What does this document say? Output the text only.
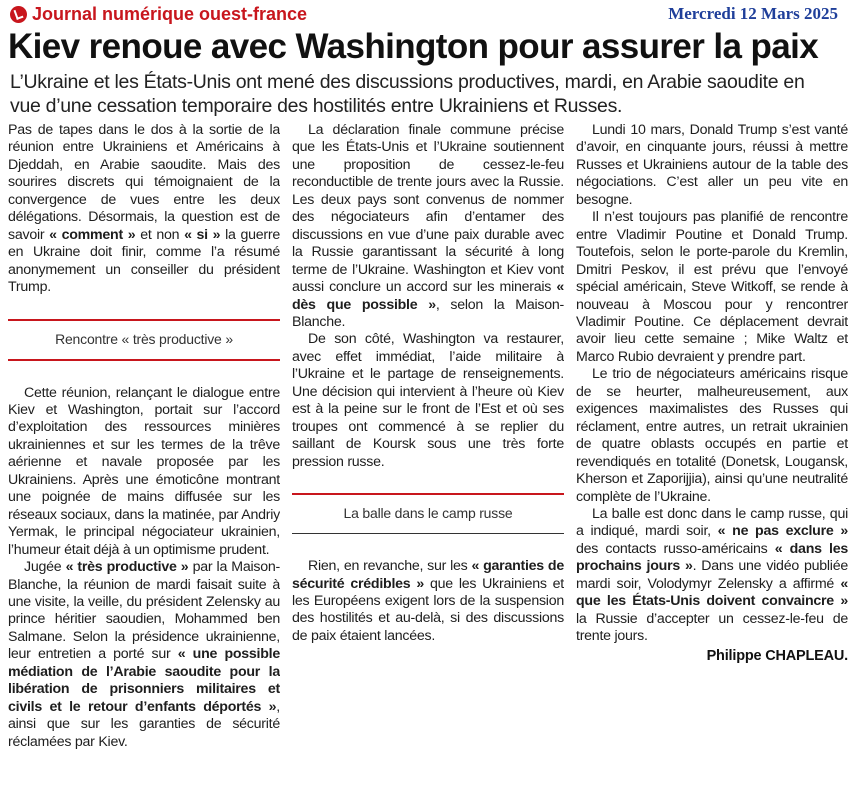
Journal numérique ouest-france	Mercredi 12 Mars 2025
Kiev renoue avec Washington pour assurer la paix
L’Ukraine et les États-Unis ont mené des discussions productives, mardi, en Arabie saoudite en vue d’une cessation temporaire des hostilités entre Ukrainiens et Russes.

Pas de tapes dans le dos à la sortie de la réunion entre Ukrainiens et Américains à Djeddah, en Arabie saoudite. Mais des sourires discrets qui témoignaient de la convergence de vues entre les deux délégations. Désormais, la question est de savoir « comment » et non « si » la guerre en Ukraine doit finir, comme l’a résumé anonymement un conseiller du président Trump.

Rencontre « très productive »

Cette réunion, relançant le dialogue entre Kiev et Washington, portait sur l’accord d’exploitation des ressources minières ukrainiennes et sur les termes de la trêve aérienne et navale proposée par les Ukrainiens. Après une émoticône montrant une poignée de mains diffusée sur les réseaux sociaux, dans la matinée, par Andriy Yermak, le principal négociateur ukrainien, l’humeur était déjà à un optimisme prudent.

Jugée « très productive » par la Maison-Blanche, la réunion de mardi faisait suite à une visite, la veille, du président Zelensky au prince héritier saoudien, Mohammed ben Salmane. Selon la présidence ukrainienne, leur entretien a porté sur « une possible médiation de l’Arabie saoudite pour la libération de prisonniers militaires et civils et le retour d’enfants déportés », ainsi que sur les garanties de sécurité réclamées par Kiev.

La déclaration finale commune précise que les États-Unis et l’Ukraine soutiennent une proposition de cessez-le-feu reconductible de trente jours avec la Russie. Les deux pays sont convenus de nommer des négociateurs afin d’entamer des discussions en vue d’une paix durable avec la Russie garantissant la sécurité à long terme de l’Ukraine. Washington et Kiev vont aussi conclure un accord sur les minerais « dès que possible », selon la Maison-Blanche.

De son côté, Washington va restaurer, avec effet immédiat, l’aide militaire à l’Ukraine et le partage de renseignements. Une décision qui intervient à l’heure où Kiev est à la peine sur le front de l’Est et où ses troupes ont commencé à se replier du saillant de Koursk sous une très forte pression russe.

La balle dans le camp russe

Rien, en revanche, sur les « garanties de sécurité crédibles » que les Ukrainiens et les Européens exigent lors de la suspension des hostilités et au-delà, si des discussions de paix étaient lancées.

Lundi 10 mars, Donald Trump s’est vanté d’avoir, en cinquante jours, réussi à mettre Russes et Ukrainiens autour de la table des négociations. C’est aller un peu vite en besogne.

Il n’est toujours pas planifié de rencontre entre Vladimir Poutine et Donald Trump. Toutefois, selon le porte-parole du Kremlin, Dmitri Peskov, il est prévu que l’envoyé spécial américain, Steve Witkoff, se rende à nouveau à Moscou pour y rencontrer Vladimir Poutine. Ce déplacement devrait avoir lieu cette semaine ; Mike Waltz et Marco Rubio devraient y prendre part.

Le trio de négociateurs américains risque de se heurter, malheureusement, aux exigences maximalistes des Russes qui réclament, entre autres, un retrait ukrainien de quatre oblasts occupés en partie et revendiqués en totalité (Donetsk, Lougansk, Kherson et Zaporijjia), ainsi qu’une neutralité complète de l’Ukraine.

La balle est donc dans le camp russe, qui a indiqué, mardi soir, « ne pas exclure » des contacts russo-américains « dans les prochains jours ». Dans une vidéo publiée mardi soir, Volodymyr Zelensky a affirmé « que les États-Unis doivent convaincre » la Russie d’accepter un cessez-le-feu de trente jours.

Philippe CHAPLEAU.
